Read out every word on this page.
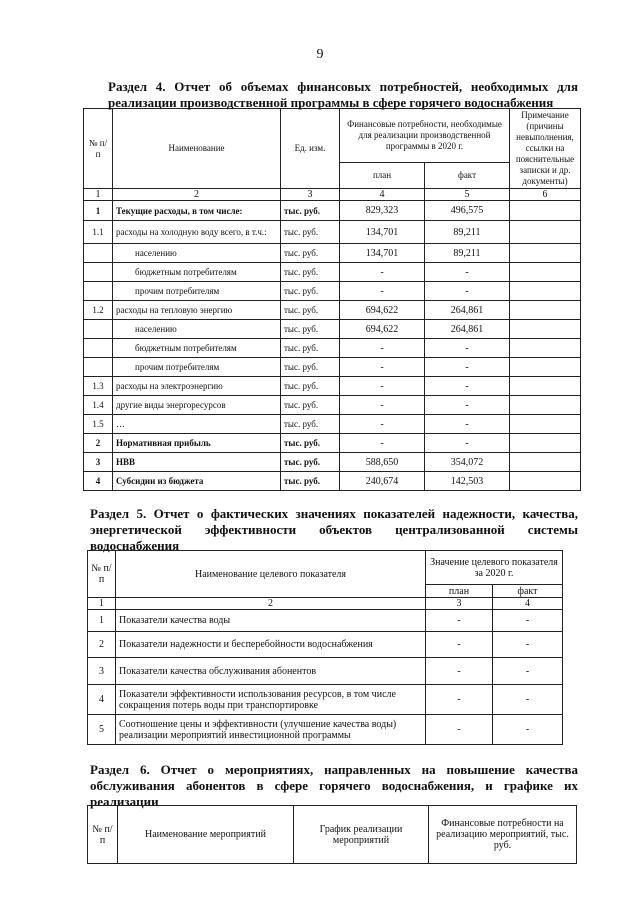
9
Раздел 4. Отчет об объемах финансовых потребностей, необходимых для реализации производственной программы в сфере горячего водоснабжения
№ п/п	Наименование	Ед. изм.	Финансовые потребности, необходимые для реализации производственной программы в 2020 г.		Примечание (причины невыполнения, ссылки на пояснительные записки и др. документы)
			план	факт	
1	2	3	4	5	6
1	Текущие расходы, в том числе:	тыс. руб.	829,323	496,575	
1.1	расходы на холодную воду всего, в т.ч.:	тыс. руб.	134,701	89,211	
	населению	тыс. руб.	134,701	89,211	
	бюджетным потребителям	тыс. руб.	-	-	
	прочим потребителям	тыс. руб.	-	-	
1.2	расходы на тепловую энергию	тыс. руб.	694,622	264,861	
	населению	тыс. руб.	694,622	264,861	
	бюджетным потребителям	тыс. руб.	-	-	
	прочим потребителям	тыс. руб.	-	-	
1.3	расходы на электроэнергию	тыс. руб.	-	-	
1.4	другие виды энергоресурсов	тыс. руб.	-	-	
1.5	…	тыс. руб.	-	-	
2	Нормативная прибыль	тыс. руб.	-	-	
3	НВВ	тыс. руб.	588,650	354,072	
4	Субсидии из бюджета	тыс. руб.	240,674	142,503	
Раздел 5. Отчет о фактических значениях показателей надежности, качества, энергетической эффективности объектов централизованной системы водоснабжения
№ п/п	Наименование целевого показателя	Значение целевого показателя за 2020 г.	
		план	факт
1	2	3	4
1	Показатели качества воды	-	-
2	Показатели надежности и бесперебойности водоснабжения	-	-
3	Показатели качества обслуживания абонентов	-	-
4	Показатели эффективности использования ресурсов, в том числе сокращения потерь воды при транспортировке	-	-
5	Соотношение цены и эффективности (улучшение качества воды) реализации мероприятий инвестиционной программы	-	-
Раздел 6. Отчет о мероприятиях, направленных на повышение качества обслуживания абонентов в сфере горячего водоснабжения, и графике их реализации
№ п/п	Наименование мероприятий	График реализации мероприятий	Финансовые потребности на реализацию мероприятий, тыс. руб.
